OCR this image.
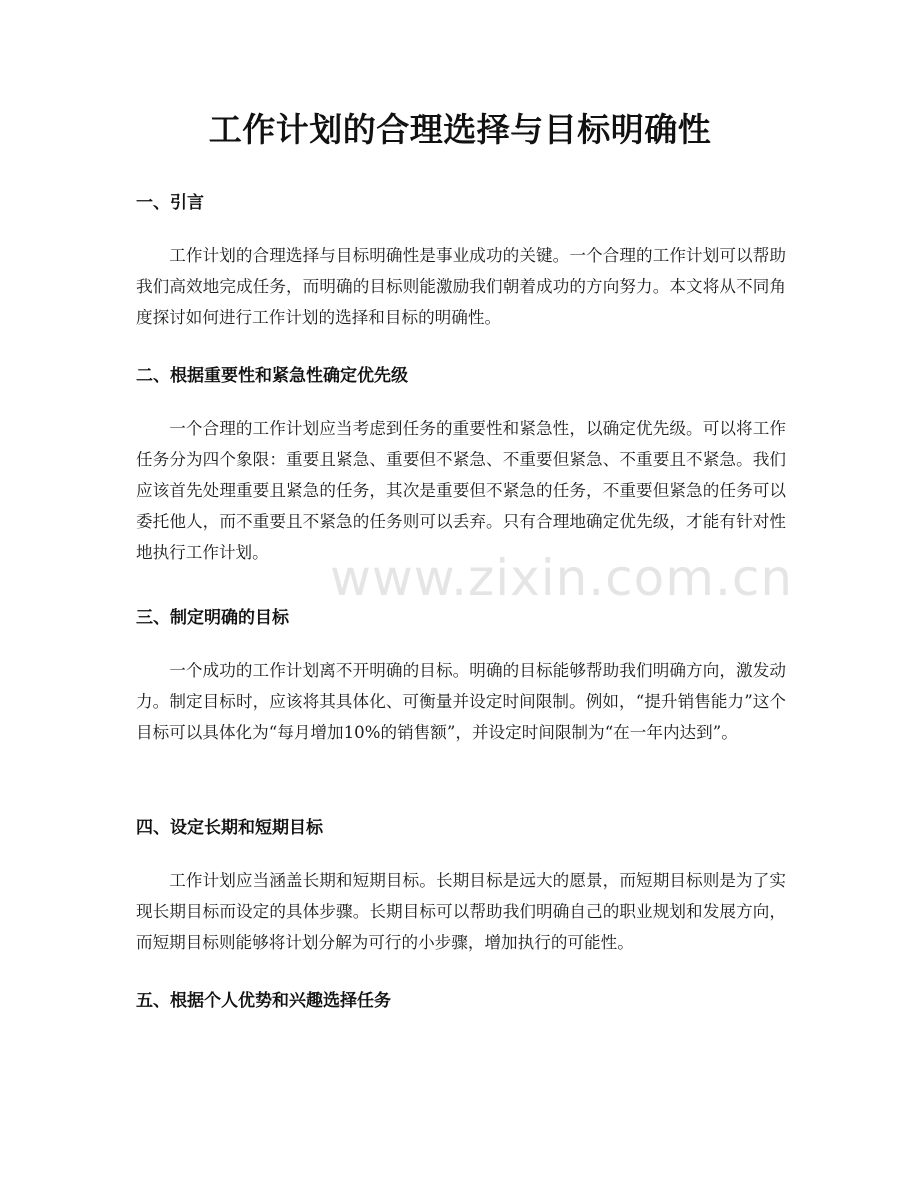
工作计划的合理选择与目标明确性
一、引言

工作计划的合理选择与目标明确性是事业成功的关键。一个合理的工作计划可以帮助我们高效地完成任务，而明确的目标则能激励我们朝着成功的方向努力。本文将从不同角度探讨如何进行工作计划的选择和目标的明确性。

二、根据重要性和紧急性确定优先级

一个合理的工作计划应当考虑到任务的重要性和紧急性，以确定优先级。可以将工作任务分为四个象限：重要且紧急、重要但不紧急、不重要但紧急、不重要且不紧急。我们应该首先处理重要且紧急的任务，其次是重要但不紧急的任务，不重要但紧急的任务可以委托他人，而不重要且不紧急的任务则可以丢弃。只有合理地确定优先级，才能有针对性地执行工作计划。

三、制定明确的目标

一个成功的工作计划离不开明确的目标。明确的目标能够帮助我们明确方向，激发动力。制定目标时，应该将其具体化、可衡量并设定时间限制。例如，“提升销售能力”这个目标可以具体化为“每月增加10%的销售额”，并设定时间限制为“在一年内达到”。

四、设定长期和短期目标

工作计划应当涵盖长期和短期目标。长期目标是远大的愿景，而短期目标则是为了实现长期目标而设定的具体步骤。长期目标可以帮助我们明确自己的职业规划和发展方向，而短期目标则能够将计划分解为可行的小步骤，增加执行的可能性。

五、根据个人优势和兴趣选择任务
www.zixin.com.cn
